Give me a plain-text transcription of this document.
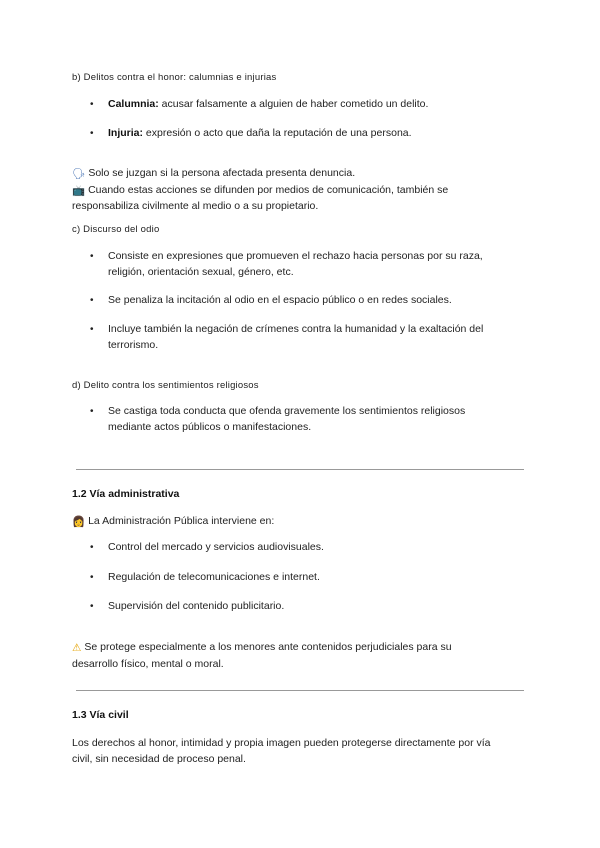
b) Delitos contra el honor: calumnias e injurias
•	Calumnia: acusar falsamente a alguien de haber cometido un delito.
•	Injuria: expresión o acto que daña la reputación de una persona.
🗣 Solo se juzgan si la persona afectada presenta denuncia.
📺 Cuando estas acciones se difunden por medios de comunicación, también se
responsabiliza civilmente al medio o a su propietario.
c) Discurso del odio
•	Consiste en expresiones que promueven el rechazo hacia personas por su raza,
religión, orientación sexual, género, etc.
•	Se penaliza la incitación al odio en el espacio público o en redes sociales.
•	Incluye también la negación de crímenes contra la humanidad y la exaltación del
terrorismo.
d) Delito contra los sentimientos religiosos
•	Se castiga toda conducta que ofenda gravemente los sentimientos religiosos
mediante actos públicos o manifestaciones.
1.2 Vía administrativa
👩 La Administración Pública interviene en:
•	Control del mercado y servicios audiovisuales.
•	Regulación de telecomunicaciones e internet.
•	Supervisión del contenido publicitario.
⚠ Se protege especialmente a los menores ante contenidos perjudiciales para su
desarrollo físico, mental o moral.
1.3 Vía civil
Los derechos al honor, intimidad y propia imagen pueden protegerse directamente por vía
civil, sin necesidad de proceso penal.
